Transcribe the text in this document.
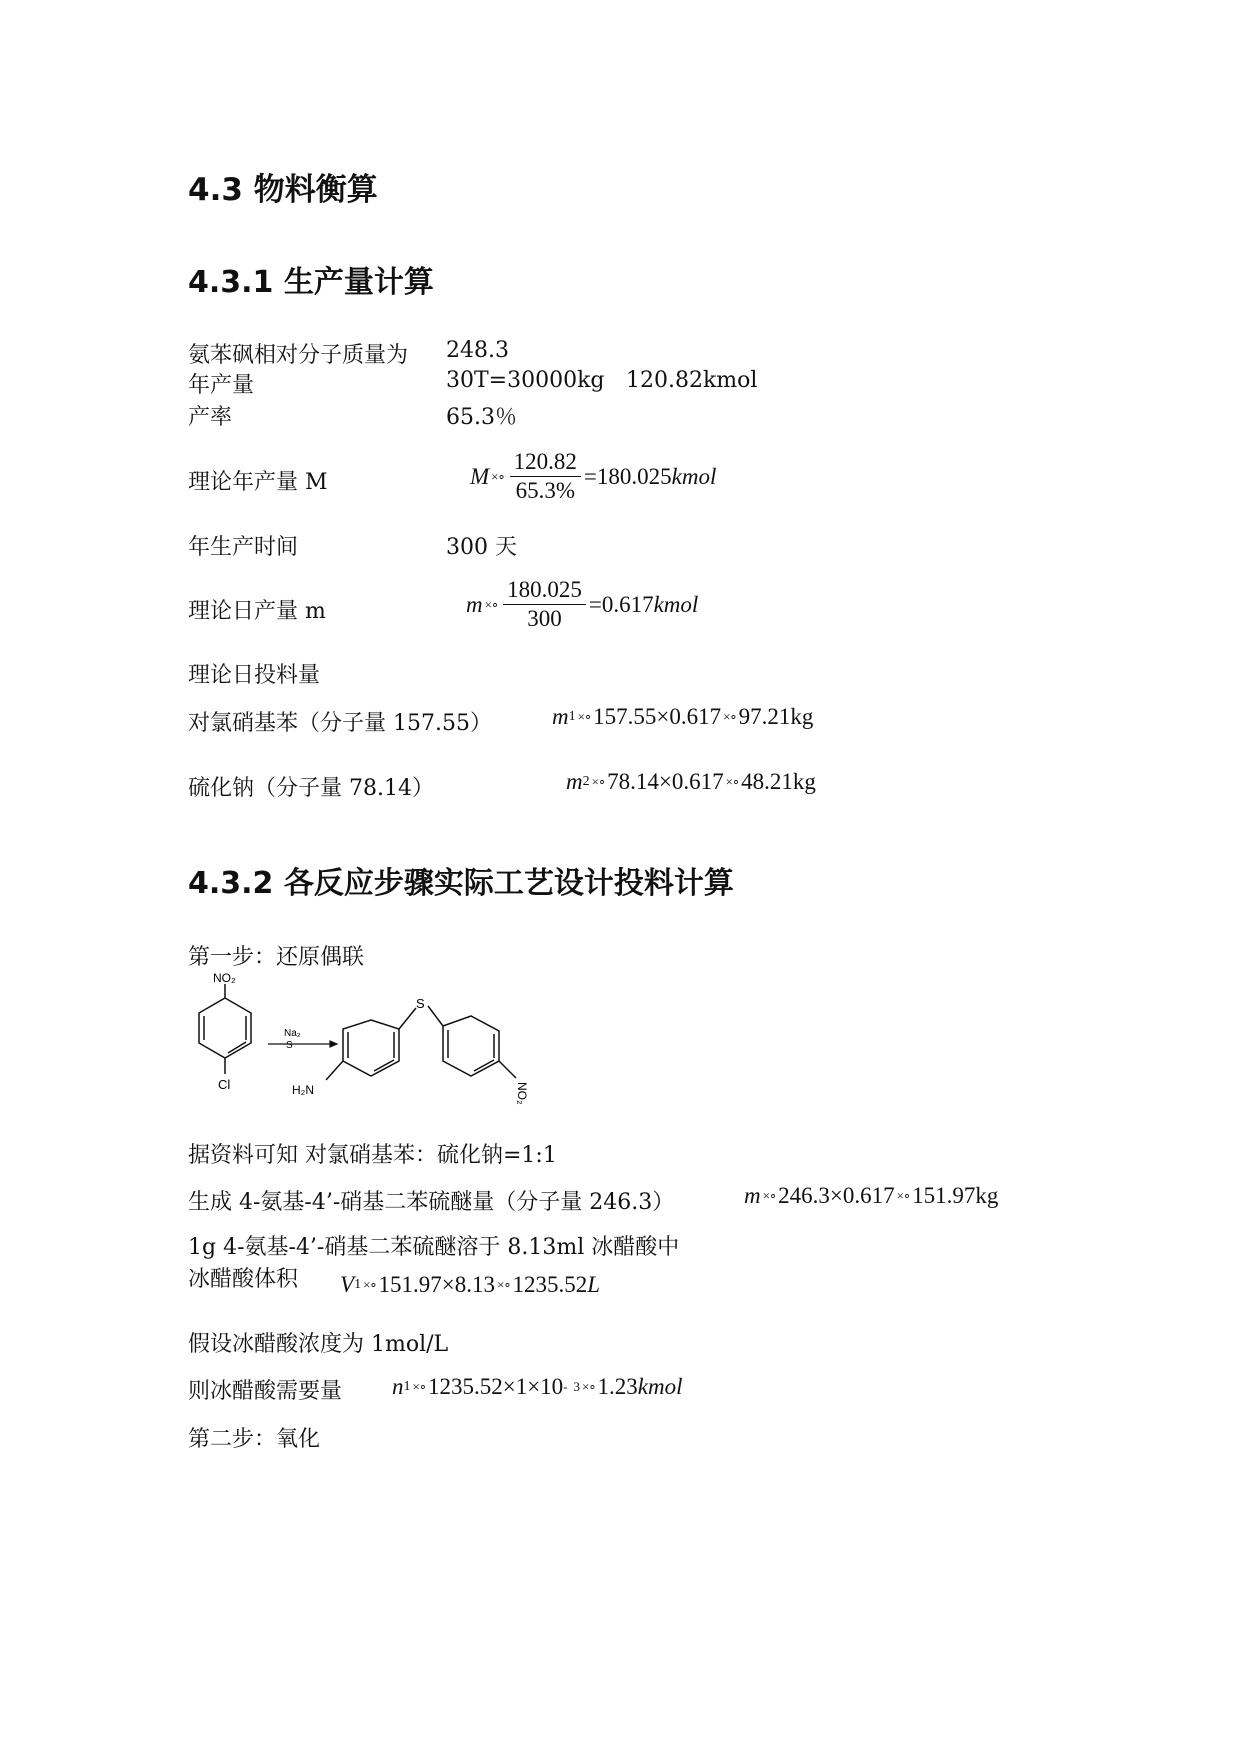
4.3 物料衡算
4.3.1 生产量计算
氨苯砜相对分子质量为 248.3
年产量	30T=30000kg 120.82kmol
产率	65.3％
理论年产量 M	M ×∘ $\frac{120.82}{65.3\%} =180.025$ kmol
年生产时间	300 天
理论日产量 m	m ×∘ $\frac{180.025}{300} =0.617$ kmol
理论日投料量
对氯硝基苯（分子量 157.55）	m 1 ×∘ 157.55×0.617 ×∘ 97.21kg
硫化钠（分子量 78.14）	m 2 ×∘ 78.14×0.617 ×∘ 48.21kg
4.3.2 各反应步骤实际工艺设计投料计算
第一步：还原偶联
NO₂
Cl
Na₂
S
S
H₂N	NO₂
据资料可知 对氯硝基苯：硫化钠=1:1
生成 4-氨基-4’-硝基二苯硫醚量（分子量 246.3）	m ×∘ 246.3×0.617 ×∘ 151.97kg
1g 4-氨基-4’-硝基二苯硫醚溶于 8.13ml 冰醋酸中
冰醋酸体积 V 1 ×∘ 151.97×8.13 ×∘ 1235.52 L
假设冰醋酸浓度为 1mol/L
则冰醋酸需要量 n 1 ×∘ 1235.52×1×10 - 3 ×∘ 1.23 kmol
第二步：氧化
